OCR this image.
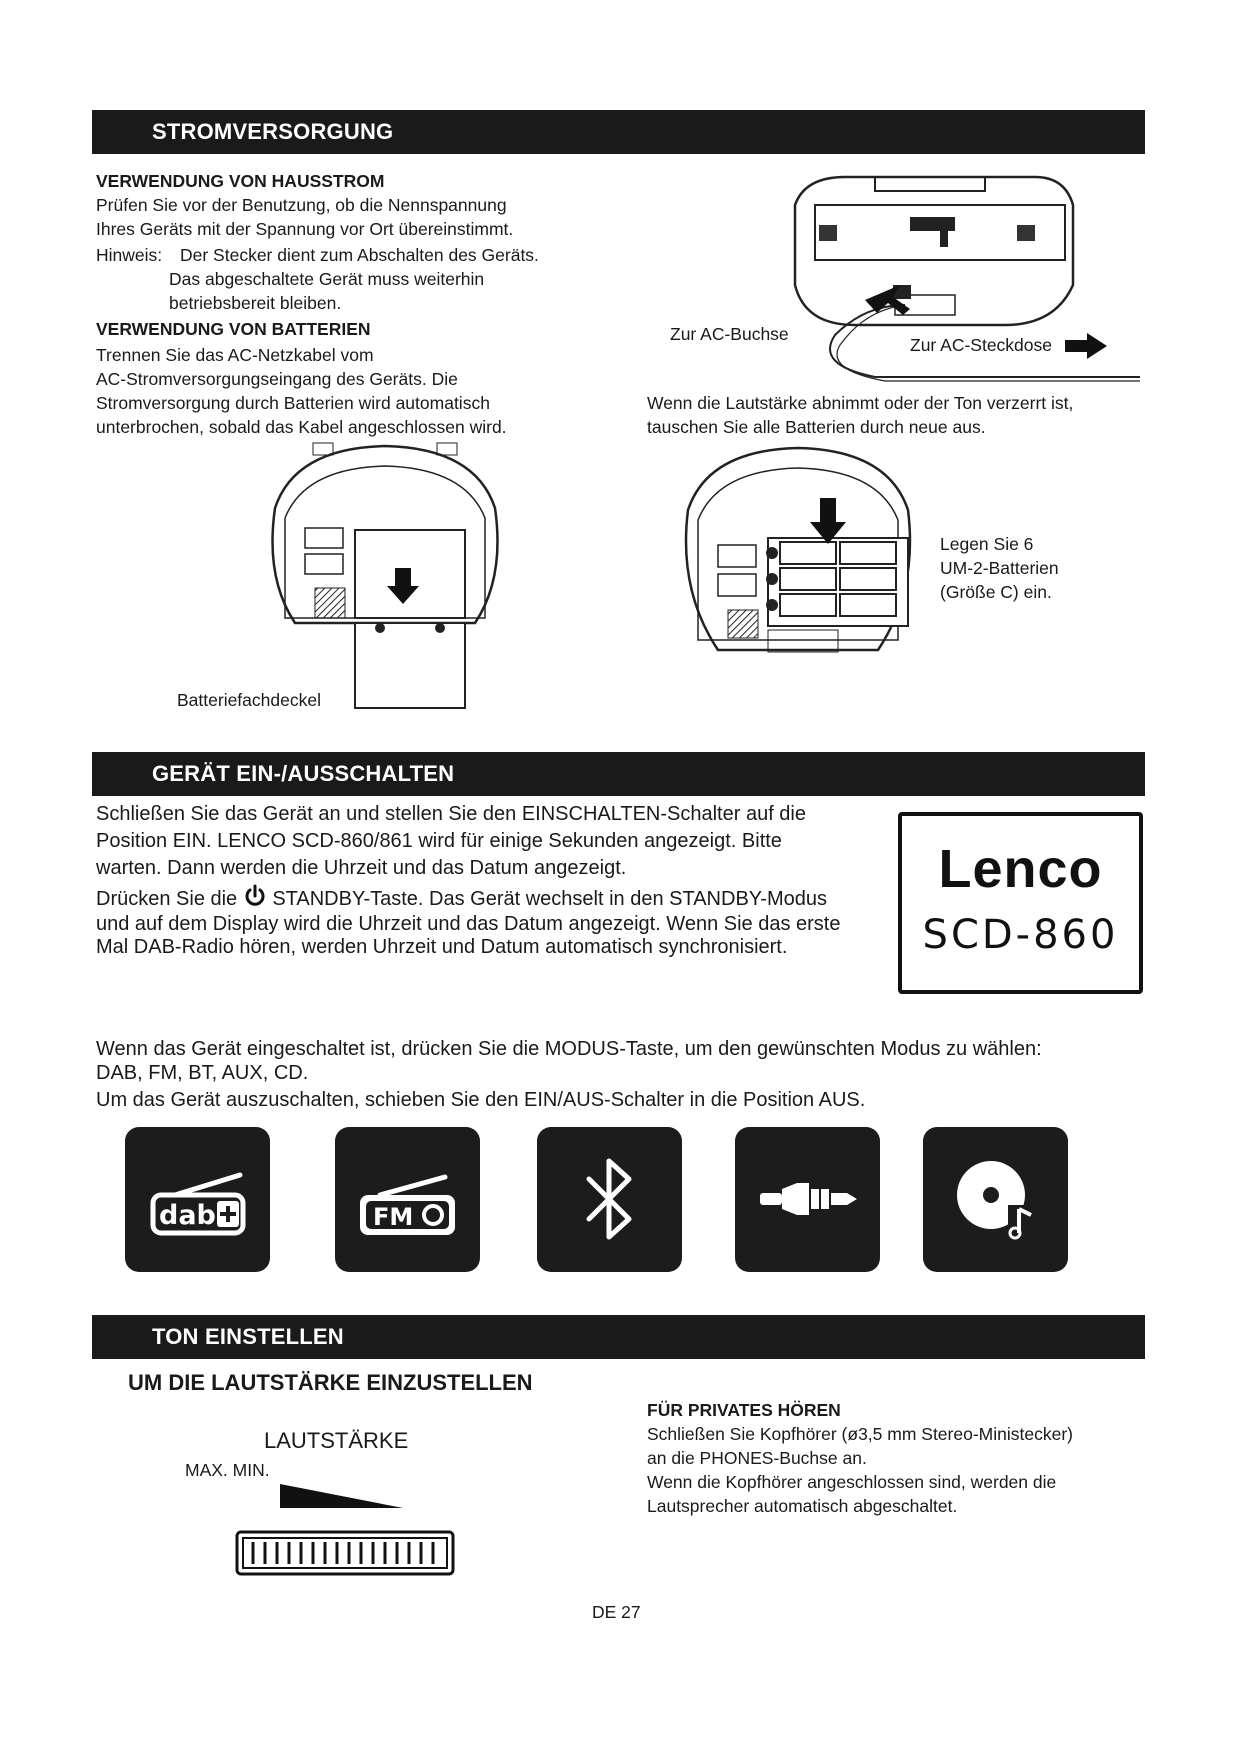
STROMVERSORGUNG
VERWENDUNG VON HAUSSTROM
Prüfen Sie vor der Benutzung, ob die Nennspannung
Ihres Geräts mit der Spannung vor Ort übereinstimmt.
Hinweis: Der Stecker dient zum Abschalten des Geräts.
Das abgeschaltete Gerät muss weiterhin
betriebsbereit bleiben.
VERWENDUNG VON BATTERIEN
Trennen Sie das AC-Netzkabel vom
AC-Stromversorgungseingang des Geräts. Die
Stromversorgung durch Batterien wird automatisch
unterbrochen, sobald das Kabel angeschlossen wird.
Zur AC-Buchse
Zur AC-Steckdose
Wenn die Lautstärke abnimmt oder der Ton verzerrt ist,
tauschen Sie alle Batterien durch neue aus.
Batteriefachdeckel
Legen Sie 6
UM-2-Batterien
(Größe C) ein.
GERÄT EIN-/AUSSCHALTEN
Schließen Sie das Gerät an und stellen Sie den EINSCHALTEN-Schalter auf die
Position EIN. LENCO SCD-860/861 wird für einige Sekunden angezeigt. Bitte
warten. Dann werden die Uhrzeit und das Datum angezeigt.
Drücken Sie die STANDBY-Taste. Das Gerät wechselt in den STANDBY-Modus
und auf dem Display wird die Uhrzeit und das Datum angezeigt. Wenn Sie das erste
Mal DAB-Radio hören, werden Uhrzeit und Datum automatisch synchronisiert.
Lenco
SCD-860
Wenn das Gerät eingeschaltet ist, drücken Sie die MODUS-Taste, um den gewünschten Modus zu wählen:
DAB, FM, BT, AUX, CD.
Um das Gerät auszuschalten, schieben Sie den EIN/AUS-Schalter in die Position AUS.
dab	FM
TON EINSTELLEN
UM DIE LAUTSTÄRKE EINZUSTELLEN
LAUTSTÄRKE
MAX. MIN.
FÜR PRIVATES HÖREN
Schließen Sie Kopfhörer (ø3,5 mm Stereo-Ministecker)
an die PHONES-Buchse an.
Wenn die Kopfhörer angeschlossen sind, werden die
Lautsprecher automatisch abgeschaltet.
DE 27
